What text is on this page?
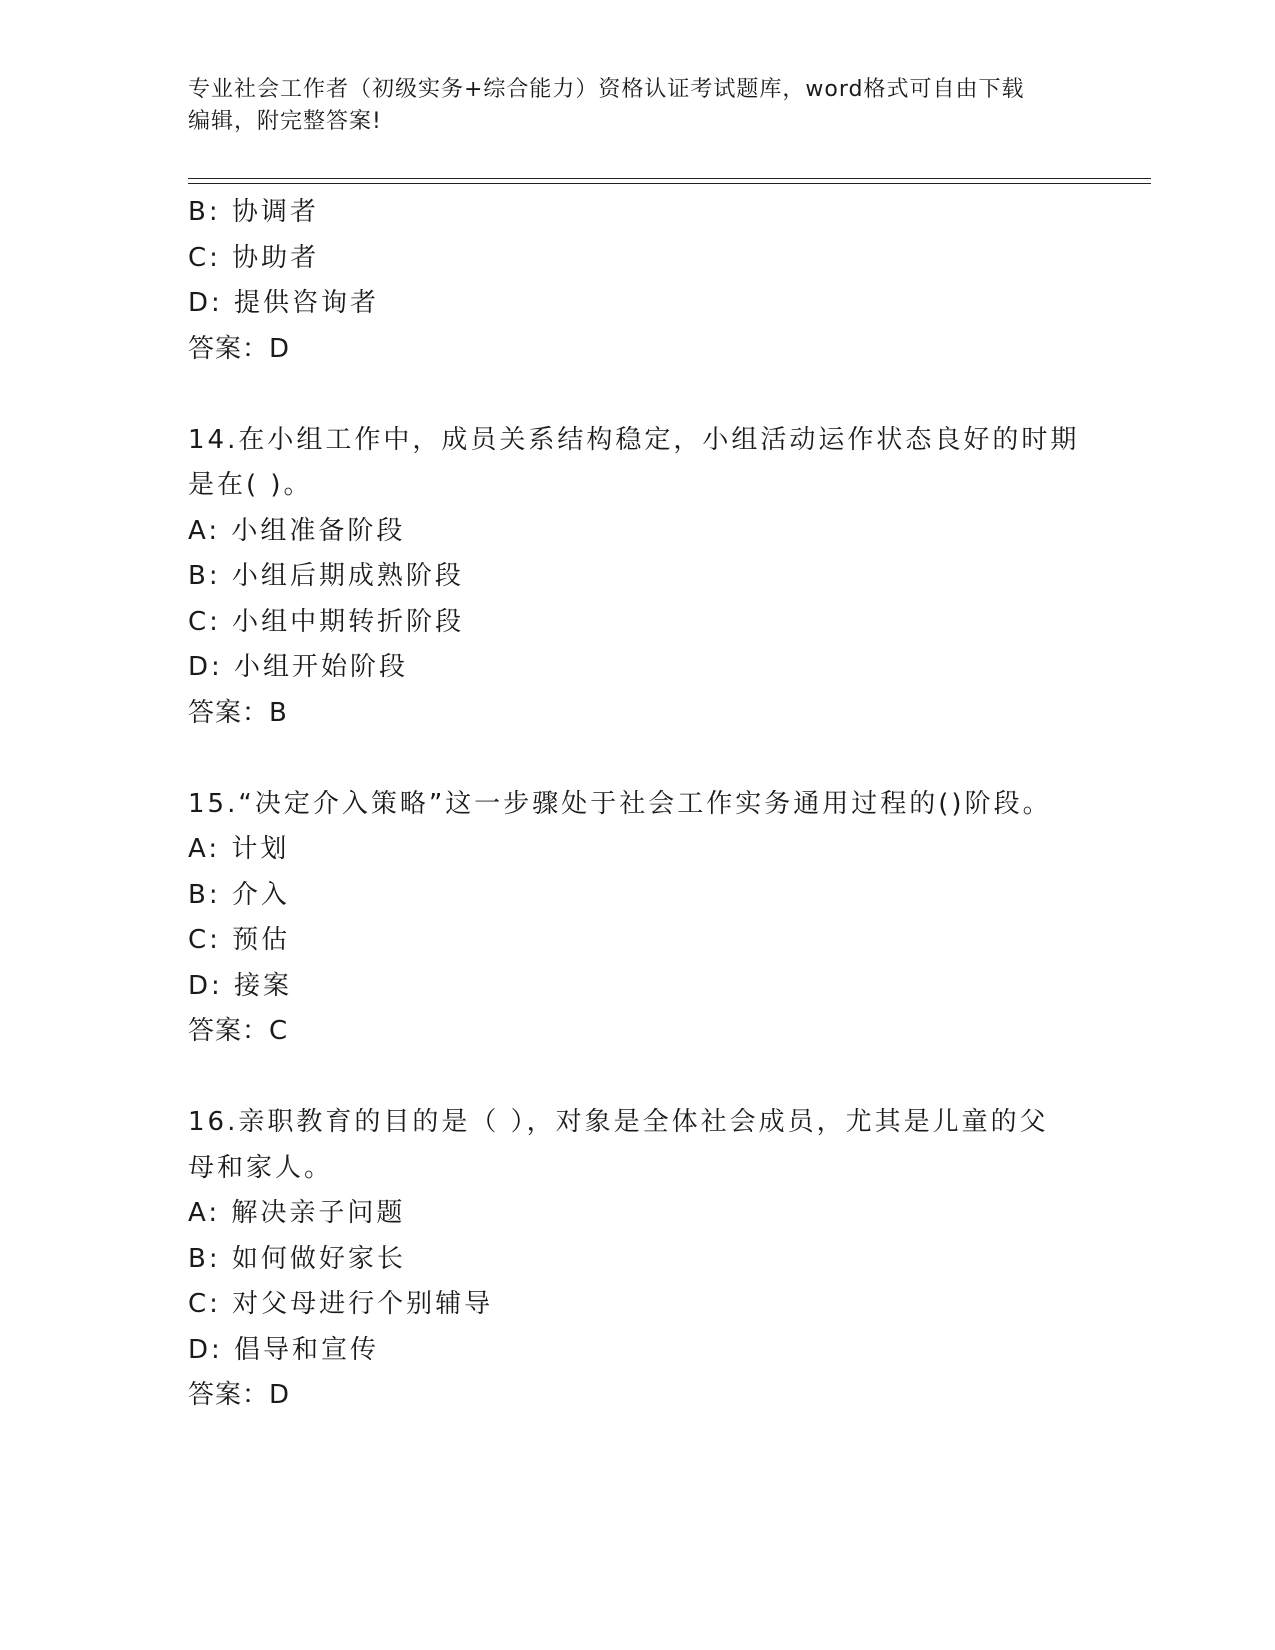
专业社会工作者（初级实务+综合能力）资格认证考试题库，word格式可自由下载
编辑，附完整答案!
B: 协调者
C: 协助者
D: 提供咨询者
答案：D
14.在小组工作中，成员关系结构稳定，小组活动运作状态良好的时期
是在( )。
A: 小组准备阶段
B: 小组后期成熟阶段
C: 小组中期转折阶段
D: 小组开始阶段
答案：B
15.“决定介入策略”这一步骤处于社会工作实务通用过程的()阶段。
A: 计划
B: 介入
C: 预估
D: 接案
答案：C
16.亲职教育的目的是（ ），对象是全体社会成员，尤其是儿童的父
母和家人。
A: 解决亲子问题
B: 如何做好家长
C: 对父母进行个别辅导
D: 倡导和宣传
答案：D
